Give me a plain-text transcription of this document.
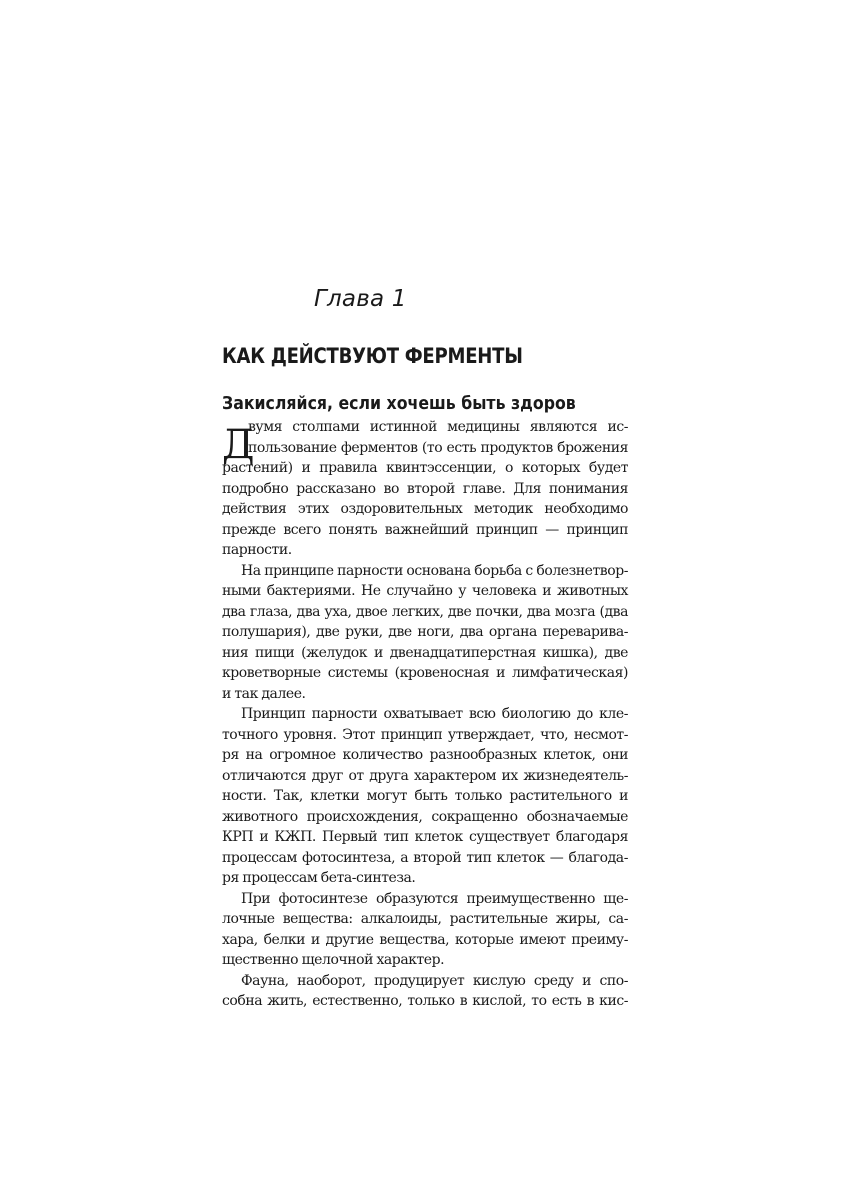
Глава 1
КАК ДЕЙСТВУЮТ ФЕРМЕНТЫ
Закисляйся, если хочешь быть здоров
Д
вумя столпами истинной медицины являются ис-
пользование ферментов (то есть продуктов брожения
растений) и правила квинтэссенции, о которых будет
подробно рассказано во второй главе. Для понимания
действия этих оздоровительных методик необходимо
прежде всего понять важнейший принцип — принцип
парности.
На принципе парности основана борьба с болезнетвор-
ными бактериями. Не случайно у человека и животных
два глаза, два уха, двое легких, две почки, два мозга (два
полушария), две руки, две ноги, два органа переварива-
ния пищи (желудок и двенадцатиперстная кишка), две
кроветворные системы (кровеносная и лимфатическая)
и так далее.
Принцип парности охватывает всю биологию до кле-
точного уровня. Этот принцип утверждает, что, несмот-
ря на огромное количество разнообразных клеток, они
отличаются друг от друга характером их жизнедеятель-
ности. Так, клетки могут быть только растительного и
животного происхождения, сокращенно обозначаемые
КРП и КЖП. Первый тип клеток существует благодаря
процессам фотосинтеза, а второй тип клеток — благода-
ря процессам бета-синтеза.
При фотосинтезе образуются преимущественно ще-
лочные вещества: алкалоиды, растительные жиры, са-
хара, белки и другие вещества, которые имеют преиму-
щественно щелочной характер.
Фауна, наоборот, продуцирует кислую среду и спо-
собна жить, естественно, только в кислой, то есть в кис-
